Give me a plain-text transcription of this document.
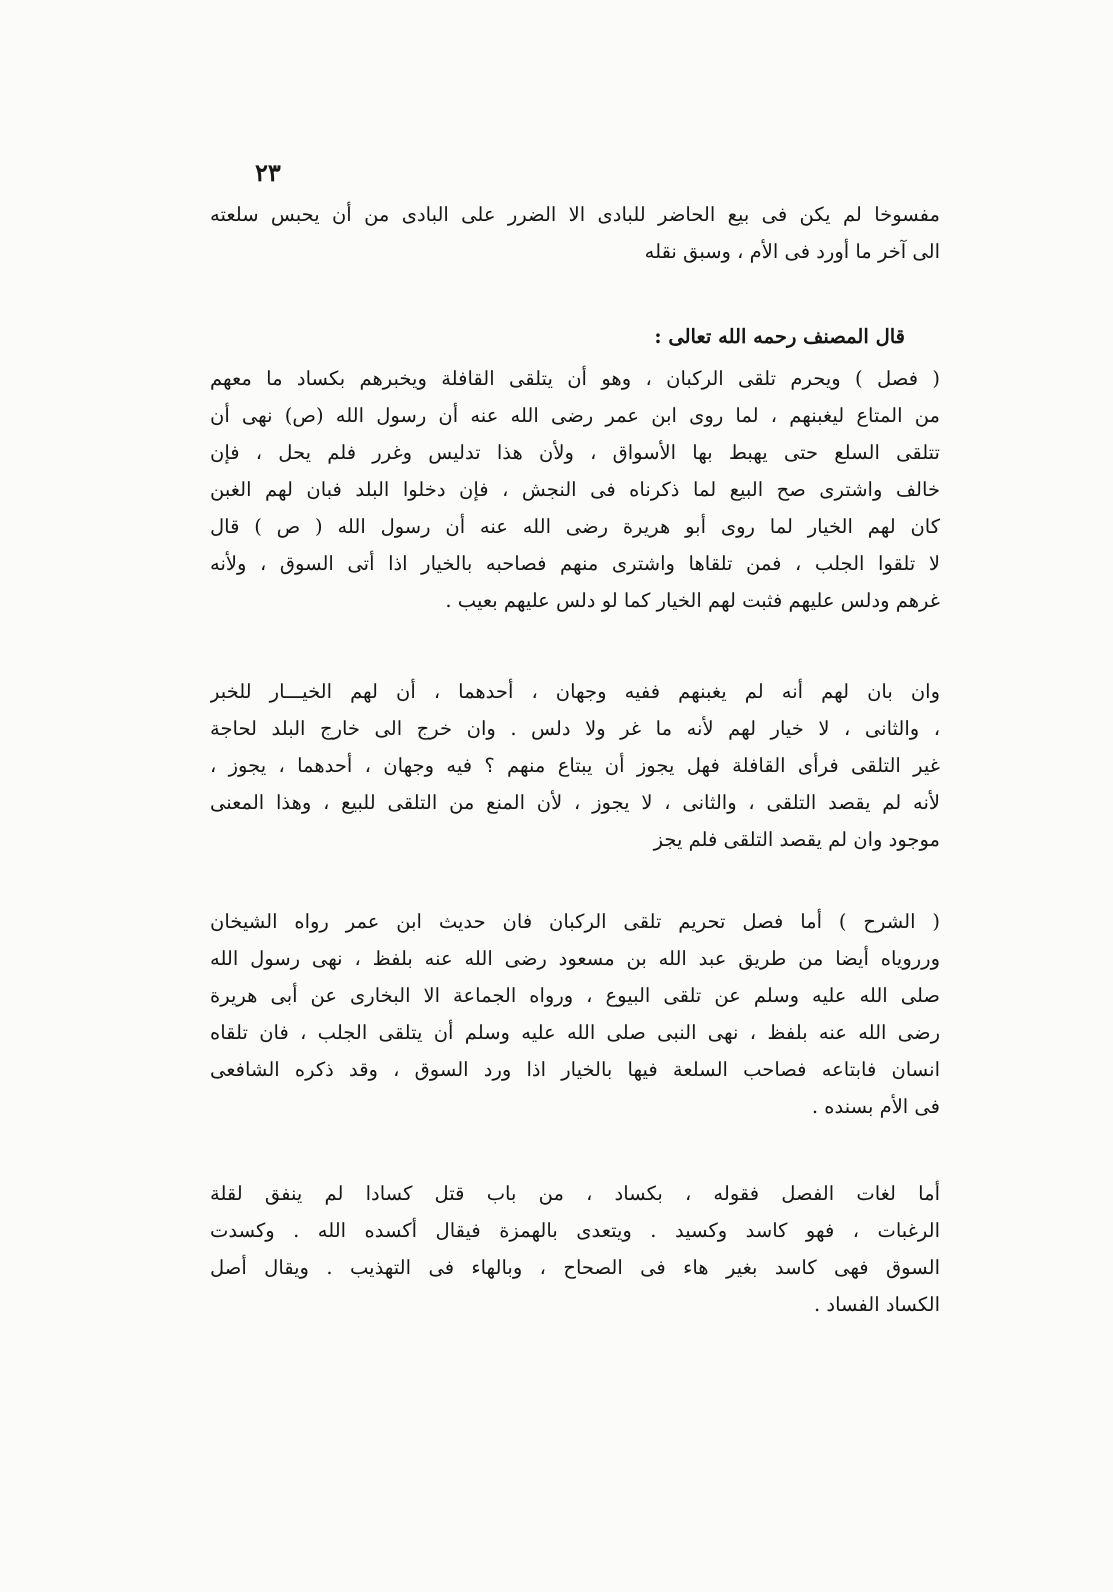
٢٣
مفسوخا لم يكن فى بيع الحاضر للبادى الا الضرر على البادى من أن يحبس سلعته
الى آخر ما أورد فى الأم ، وسبق نقله
قال المصنف رحمه الله تعالى :
( فصل ) ويحرم تلقى الركبان ، وهو أن يتلقى القافلة ويخبرهم بكساد ما معهم
من المتاع ليغبنهم ، لما روى ابن عمر رضى الله عنه أن رسول الله (ص) نهى أن
تتلقى السلع حتى يهبط بها الأسواق ، ولأن هذا تدليس وغرر فلم يحل ، فإن
خالف واشترى صح البيع لما ذكرناه فى النجش ، فإن دخلوا البلد فبان لهم الغبن
كان لهم الخيار لما روى أبو هريرة رضى الله عنه أن رسول الله ( ص ) قال
لا تلقوا الجلب ، فمن تلقاها واشترى منهم فصاحبه بالخيار اذا أتى السوق ، ولأنه
غرهم ودلس عليهم فثبت لهم الخيار كما لو دلس عليهم بعيب .
وان بان لهم أنه لم يغبنهم ففيه وجهان ، أحدهما ، أن لهم الخيـــار للخبر
، والثانى ، لا خيار لهم لأنه ما غر ولا دلس . وان خرج الى خارج البلد لحاجة
غير التلقى فرأى القافلة فهل يجوز أن يبتاع منهم ؟ فيه وجهان ، أحدهما ، يجوز ،
لأنه لم يقصد التلقى ، والثانى ، لا يجوز ، لأن المنع من التلقى للبيع ، وهذا المعنى
موجود وان لم يقصد التلقى فلم يجز
( الشرح ) أما فصل تحريم تلقى الركبان فان حديث ابن عمر رواه الشيخان
ورروياه أيضا من طريق عبد الله بن مسعود رضى الله عنه بلفظ ، نهى رسول الله
صلى الله عليه وسلم عن تلقى البيوع ، ورواه الجماعة الا البخارى عن أبى هريرة
رضى الله عنه بلفظ ، نهى النبى صلى الله عليه وسلم أن يتلقى الجلب ، فان تلقاه
انسان فابتاعه فصاحب السلعة فيها بالخيار اذا ورد السوق ، وقد ذكره الشافعى
فى الأم بسنده .
أما لغات الفصل فقوله ، بكساد ، من باب قتل كسادا لم ينفق لقلة
الرغبات ، فهو كاسد وكسيد . ويتعدى بالهمزة فيقال أكسده الله . وكسدت
السوق فهى كاسد بغير هاء فى الصحاح ، وبالهاء فى التهذيب . ويقال أصل
الكساد الفساد .
